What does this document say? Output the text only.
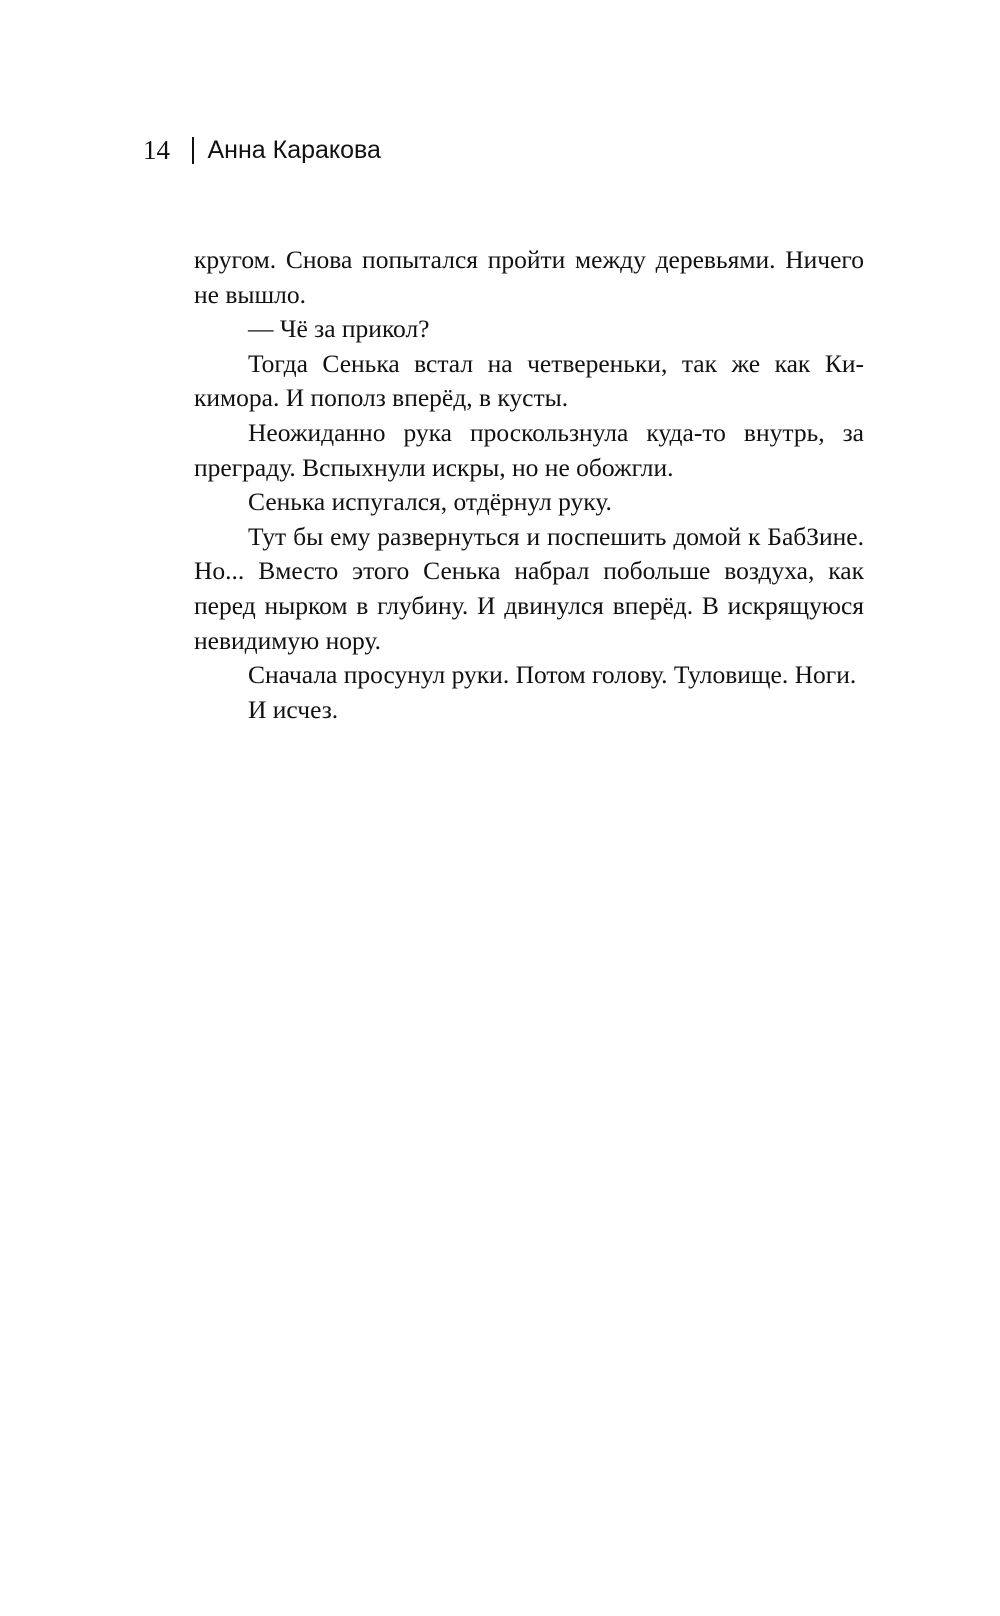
14 Анна Каракова

кругом. Снова попытался пройти между деревьями. Ничего не вышло.

— Чё за прикол?

Тогда Сенька встал на четвереньки, так же как Кикимора. И пополз вперёд, в кусты.

Неожиданно рука проскользнула куда-то внутрь, за преграду. Вспыхнули искры, но не обожгли.

Сенька испугался, отдёрнул руку.

Тут бы ему развернуться и поспешить домой к БабЗине. Но... Вместо этого Сенька набрал побольше воздуха, как перед нырком в глубину. И двинулся вперёд. В искрящуюся невидимую нору.

Сначала просунул руки. Потом голову. Туловище. Ноги.

И исчез.
